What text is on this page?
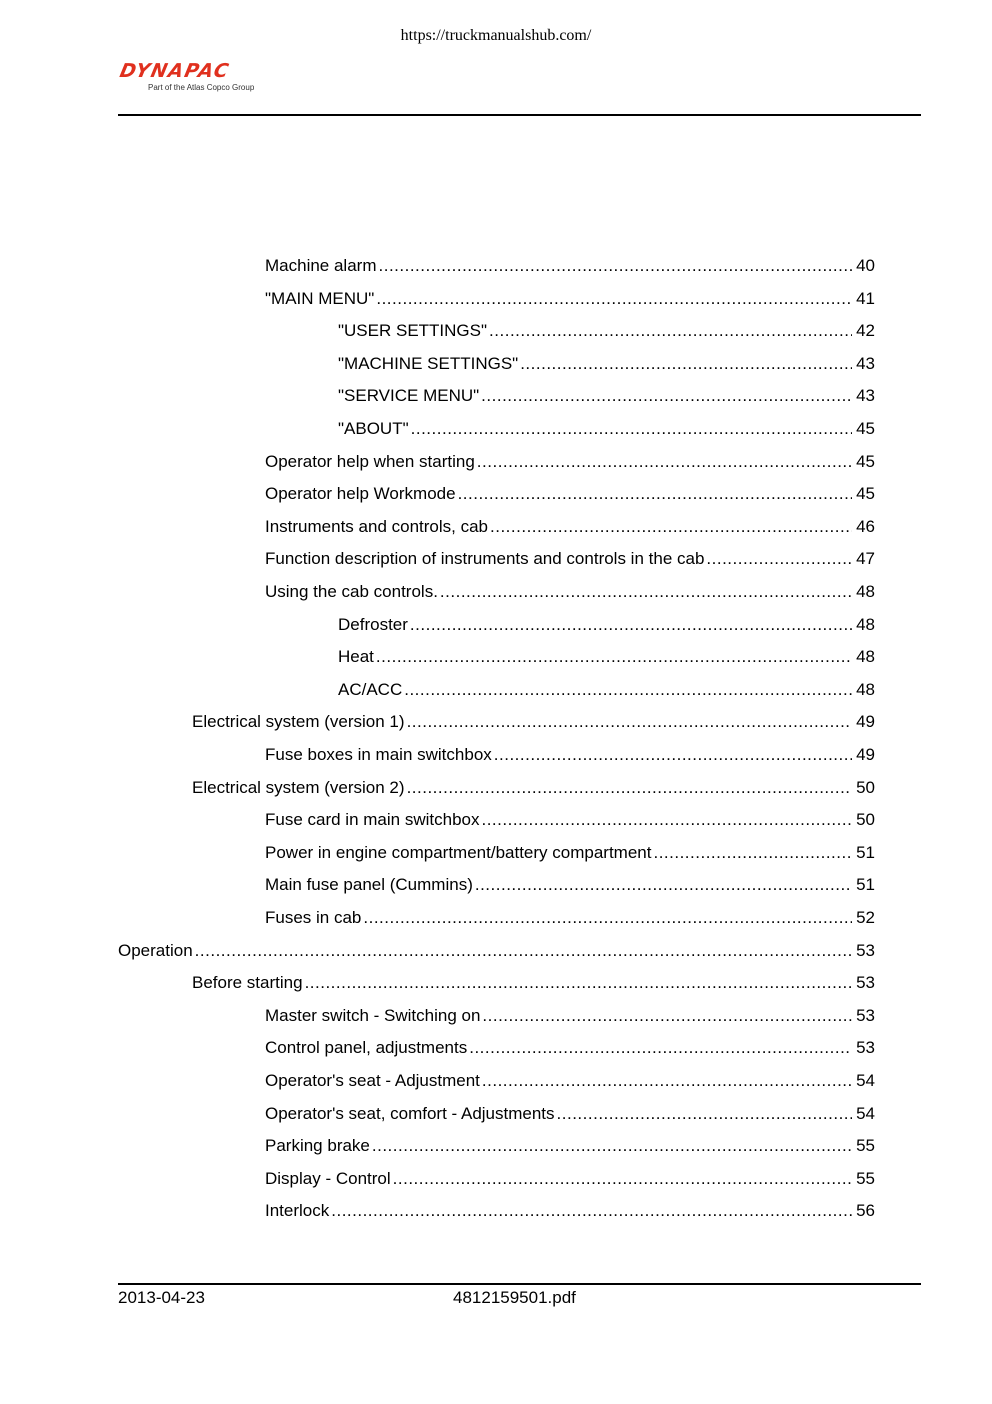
https://truckmanualshub.com/
DYNAPAC
Part of the Atlas Copco Group
Machine alarm .....	40
"MAIN MENU" .....	41
"USER SETTINGS" .....	42
"MACHINE SETTINGS" .....	43
"SERVICE MENU" .....	43
"ABOUT" .....	45
Operator help when starting .....	45
Operator help Workmode .....	45
Instruments and controls, cab .....	46
Function description of instruments and controls in the cab .....	47
Using the cab controls. .....	48
Defroster .....	48
Heat .....	48
AC/ACC .....	48
Electrical system (version 1) .....	49
Fuse boxes in main switchbox .....	49
Electrical system (version 2) .....	50
Fuse card in main switchbox .....	50
Power in engine compartment/battery compartment .....	51
Main fuse panel (Cummins) .....	51
Fuses in cab .....	52
Operation .....	53
Before starting .....	53
Master switch - Switching on .....	53
Control panel, adjustments .....	53
Operator's seat - Adjustment .....	54
Operator's seat, comfort - Adjustments .....	54
Parking brake .....	55
Display - Control .....	55
Interlock .....	56
2013-04-23	4812159501.pdf
